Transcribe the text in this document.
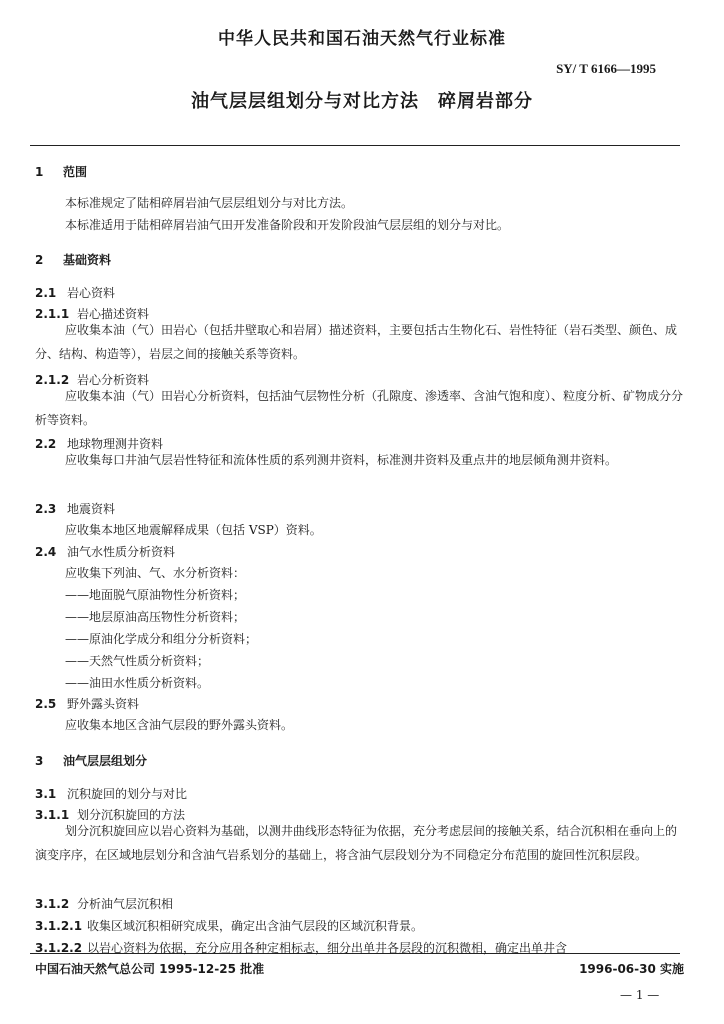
中华人民共和国石油天然气行业标准
SY/ T 6166—1995
油气层层组划分与对比方法　碎屑岩部分
1 范围
本标准规定了陆相碎屑岩油气层层组划分与对比方法。
本标准适用于陆相碎屑岩油气田开发准备阶段和开发阶段油气层层组的划分与对比。
2 基础资料
2.1 岩心资料
2.1.1 岩心描述资料
应收集本油（气）田岩心（包括井壁取心和岩屑）描述资料，主要包括古生物化石、岩性特征（岩石类型、颜色、成分、结构、构造等），岩层之间的接触关系等资料。
2.1.2 岩心分析资料
应收集本油（气）田岩心分析资料，包括油气层物性分析（孔隙度、渗透率、含油气饱和度）、粒度分析、矿物成分分析等资料。
2.2 地球物理测井资料
应收集每口井油气层岩性特征和流体性质的系列测井资料，标准测井资料及重点井的地层倾角测井资料。
2.3 地震资料
应收集本地区地震解释成果（包括 VSP）资料。
2.4 油气水性质分析资料
应收集下列油、气、水分析资料：
——地面脱气原油物性分析资料；
——地层原油高压物性分析资料；
——原油化学成分和组分分析资料；
——天然气性质分析资料；
——油田水性质分析资料。
2.5 野外露头资料
应收集本地区含油气层段的野外露头资料。
3 油气层层组划分
3.1 沉积旋回的划分与对比
3.1.1 划分沉积旋回的方法
划分沉积旋回应以岩心资料为基础，以测井曲线形态特征为依据，充分考虑层间的接触关系，结合沉积相在垂向上的演变序序，在区域地层划分和含油气岩系划分的基础上，将含油气层段划分为不同稳定分布范围的旋回性沉积层段。
3.1.2 分析油气层沉积相
3.1.2.1 收集区域沉积相研究成果，确定出含油气层段的区域沉积背景。
3.1.2.2 以岩心资料为依据，充分应用各种定相标志，细分出单井各层段的沉积微相，确定出单井含
中国石油天然气总公司 1995-12-25 批准	1996-06-30 实施
— 1 —
